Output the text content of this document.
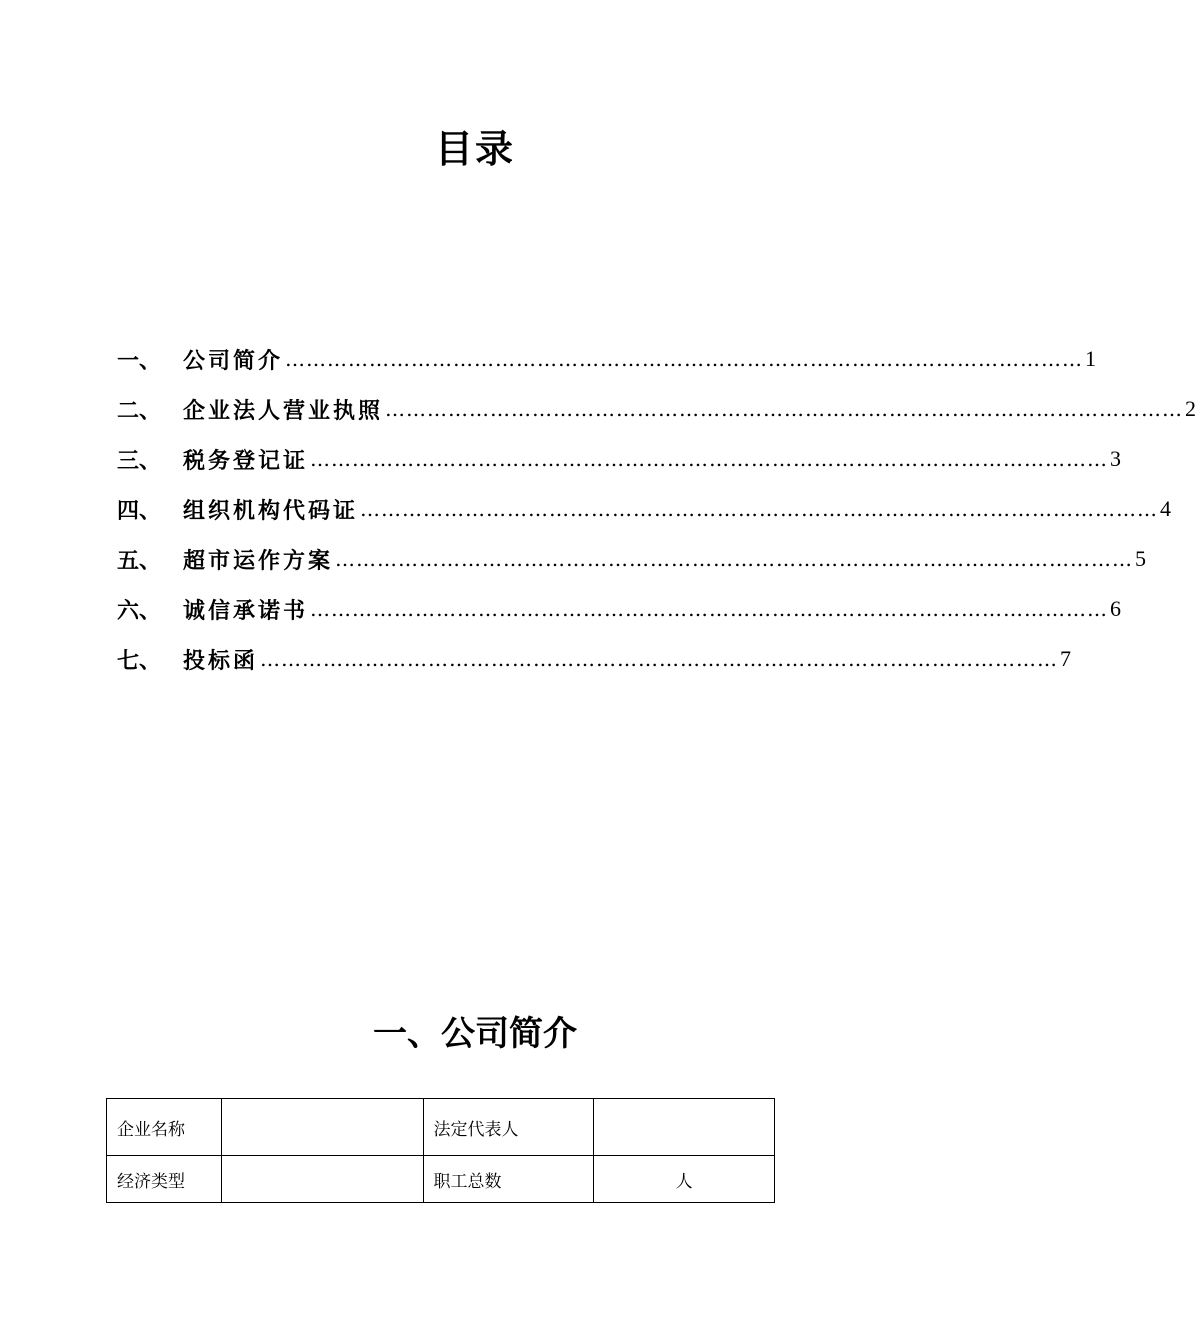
目录
一、 公司简介 …………………………………………………………………………………………………… 1
二、 企业法人营业执照 …………………………………………………………………………………………………… 2
三、 税务登记证 …………………………………………………………………………………………………… 3
四、 组织机构代码证 …………………………………………………………………………………………………… 4
五、 超市运作方案 …………………………………………………………………………………………………… 5
六、 诚信承诺书 …………………………………………………………………………………………………… 6
七、 投标函 …………………………………………………………………………………………………… 7
一、公司简介
企业名称		法定代表人	
经济类型		职工总数	人
